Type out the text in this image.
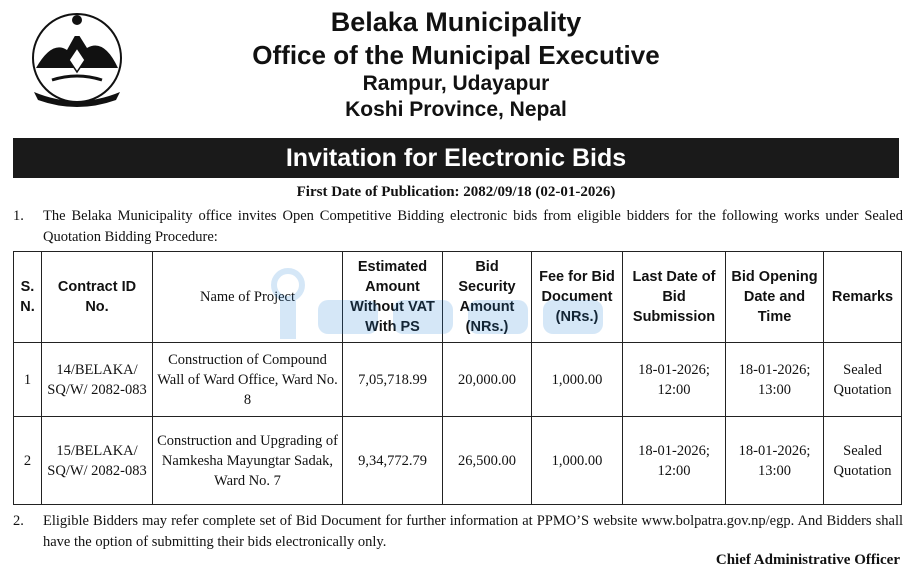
Belaka Municipality
Office of the Municipal Executive
Rampur, Udayapur
Koshi Province, Nepal
Invitation for Electronic Bids
First Date of Publication: 2082/09/18 (02-01-2026)
1. The Belaka Municipality office invites Open Competitive Bidding electronic bids from eligible bidders for the following works under Sealed Quotation Bidding Procedure:
S. N.	Contract ID No.	Name of Project	Estimated Amount Without VAT With PS	Bid Security Amount (NRs.)	Fee for Bid Document (NRs.)	Last Date of Bid Submission	Bid Opening Date and Time	Remarks
1	14/BELAKA/ SQ/W/ 2082-083	Construction of Compound Wall of Ward Office, Ward No. 8	7,05,718.99	20,000.00	1,000.00	18-01-2026; 12:00	18-01-2026; 13:00	Sealed Quotation
2	15/BELAKA/ SQ/W/ 2082-083	Construction and Upgrading of Namkesha Mayungtar Sadak, Ward No. 7	9,34,772.79	26,500.00	1,000.00	18-01-2026; 12:00	18-01-2026; 13:00	Sealed Quotation
2. Eligible Bidders may refer complete set of Bid Document for further information at PPMO’S website www.bolpatra.gov.np/egp. And Bidders shall have the option of submitting their bids electronically only.
Chief Administrative Officer
